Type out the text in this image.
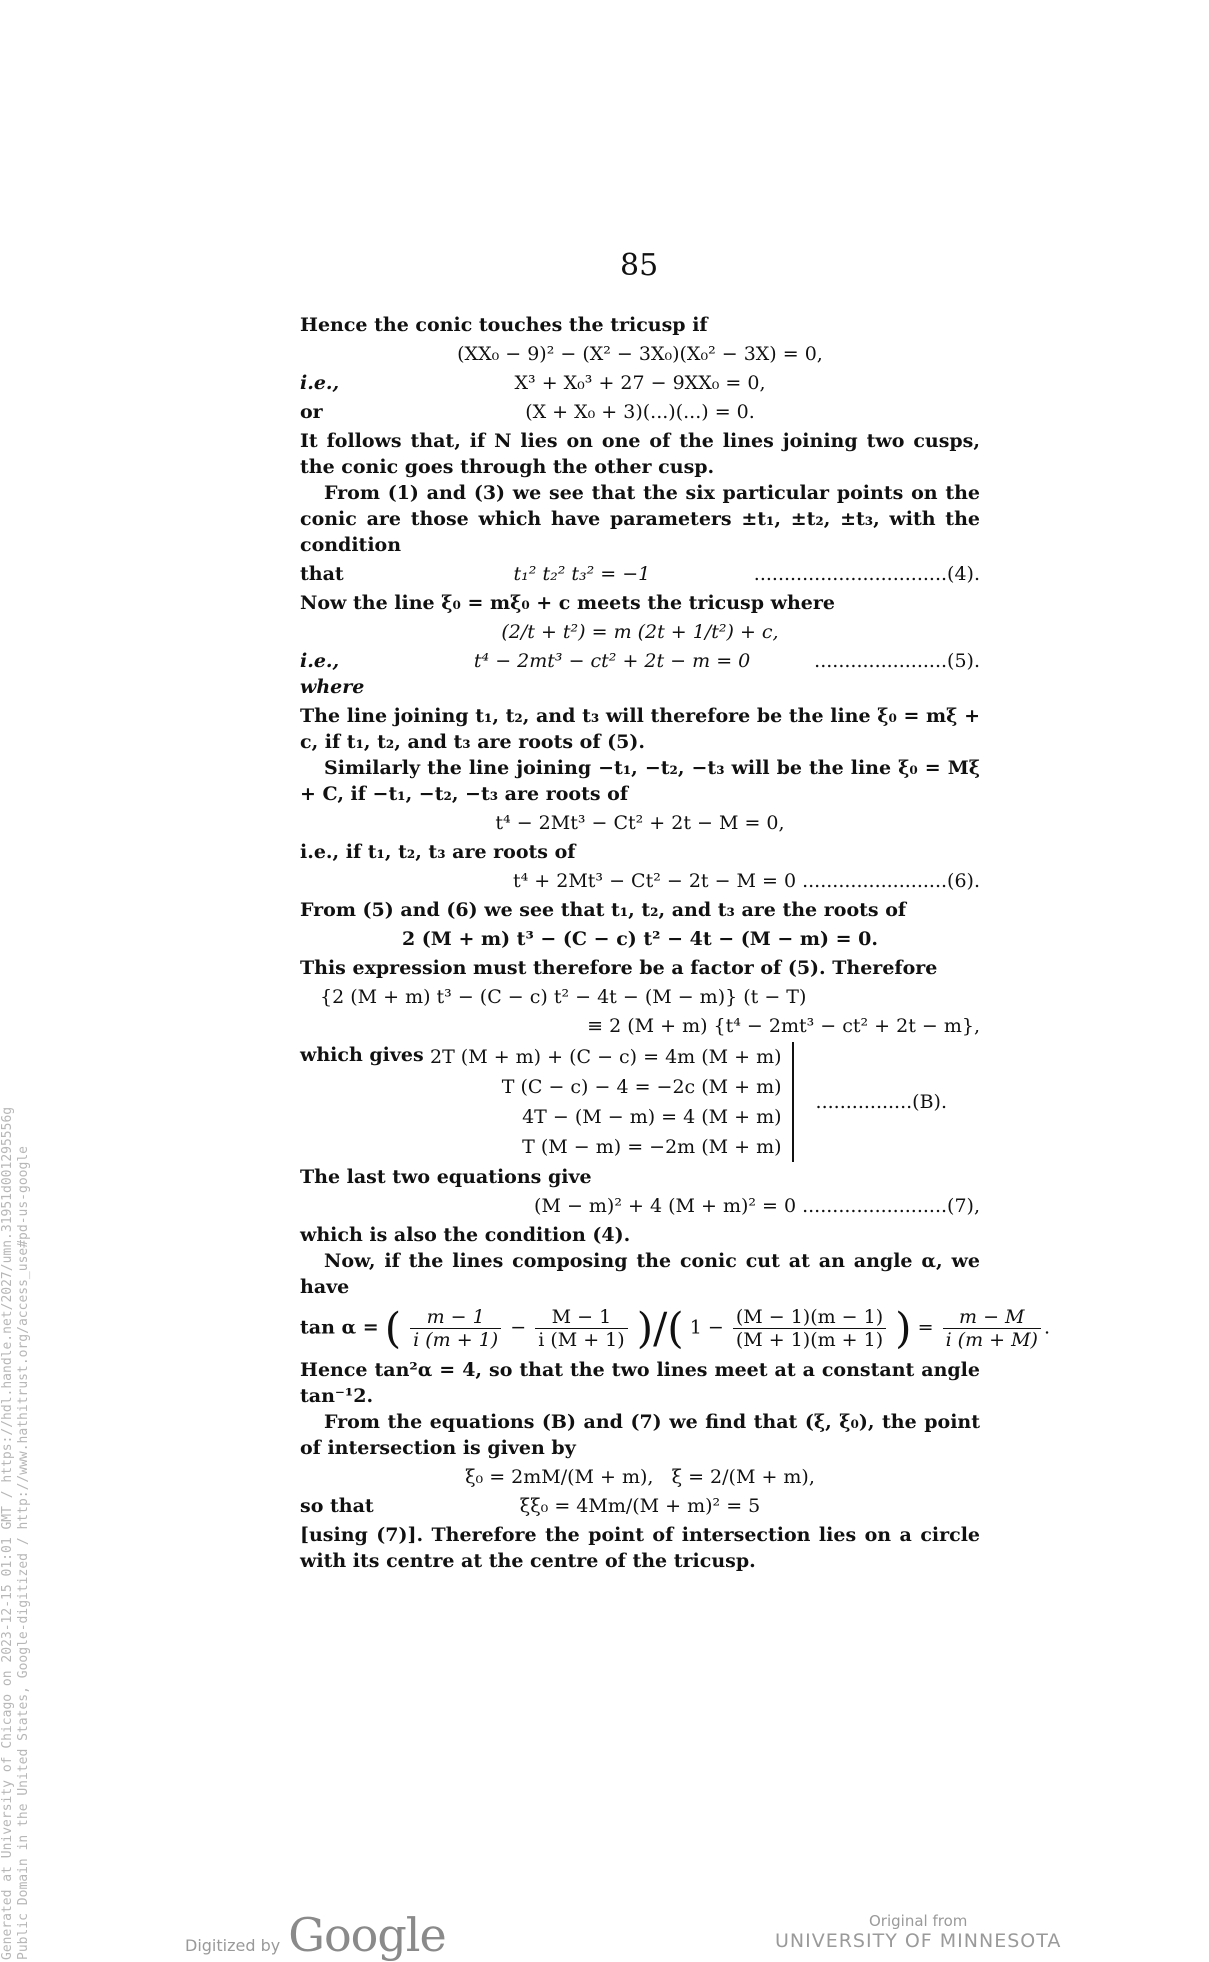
85

Hence the conic touches the tricusp if

(XX₀ − 9)² − (X² − 3X₀)(X₀² − 3X) = 0,
i.e.,	X³ + X₀³ + 27 − 9XX₀ = 0,
or	(X + X₀ + 3)(...)(...) = 0.

It follows that, if N lies on one of the lines joining two cusps, the conic goes through the other cusp.

From (1) and (3) we see that the six particular points on the conic are those which have parameters ±t₁, ±t₂, ±t₃, with the condition

that	t₁² t₂² t₃² = −1	................................(4).

Now the line ξ₀ = mξ₀ + c meets the tricusp where

(2/t + t²) = m (2t + 1/t²) + c,
i.e., where
t⁴ − 2mt³ − ct² + 2t − m = 0	......................(5).

The line joining t₁, t₂, and t₃ will therefore be the line ξ₀ = mξ + c, if t₁, t₂, and t₃ are roots of (5).

Similarly the line joining −t₁, −t₂, −t₃ will be the line ξ₀ = Mξ + C, if −t₁, −t₂, −t₃ are roots of

t⁴ − 2Mt³ − Ct² + 2t − M = 0,

i.e., if t₁, t₂, t₃ are roots of

t⁴ + 2Mt³ − Ct² − 2t − M = 0 ........................(6).

From (5) and (6) we see that t₁, t₂, and t₃ are the roots of

2 (M + m) t³ − (C − c) t² − 4t − (M − m) = 0.

This expression must therefore be a factor of (5). Therefore

{2 (M + m) t³ − (C − c) t² − 4t − (M − m)} (t − T)
≡ 2 (M + m) {t⁴ − 2mt³ − ct² + 2t − m},
which gives 2T (M + m) + (C − c) = 4m (M + m)
T (C − c) − 4 = −2c (M + m)
4T − (M − m) = 4 (M + m)
T (M − m) = −2m (M + m)
................(B).

The last two equations give

(M − m)² + 4 (M + m)² = 0 ........................(7),

which is also the condition (4).

Now, if the lines composing the conic cut at an angle α, we have

tan α = ( $\frac{m - 1}{i (m + 1)} - \frac{M - 1}{i (M + 1)}$ )/( $1 - \frac{(M - 1)(m - 1)}{(M + 1)(m + 1)}$ ) = $\frac{m - M}{i (m + M)}$ .

Hence tan²α = 4, so that the two lines meet at a constant angle tan⁻¹2.

From the equations (B) and (7) we find that (ξ, ξ₀), the point of intersection is given by

ξ₀ = 2mM/(M + m),   ξ = 2/(M + m),
so that	ξξ₀ = 4Mm/(M + m)² = 5

[using (7)]. Therefore the point of intersection lies on a circle with its centre at the centre of the tricusp.

Generated at University of Chicago on 2023-12-15 01:01 GMT / https://hdl.handle.net/2027/umn.31951d001295556g Public Domain in the United States, Google-digitized / http://www.hathitrust.org/access_use#pd-us-google	Digitized by Google	Original from
UNIVERSITY OF MINNESOTA
